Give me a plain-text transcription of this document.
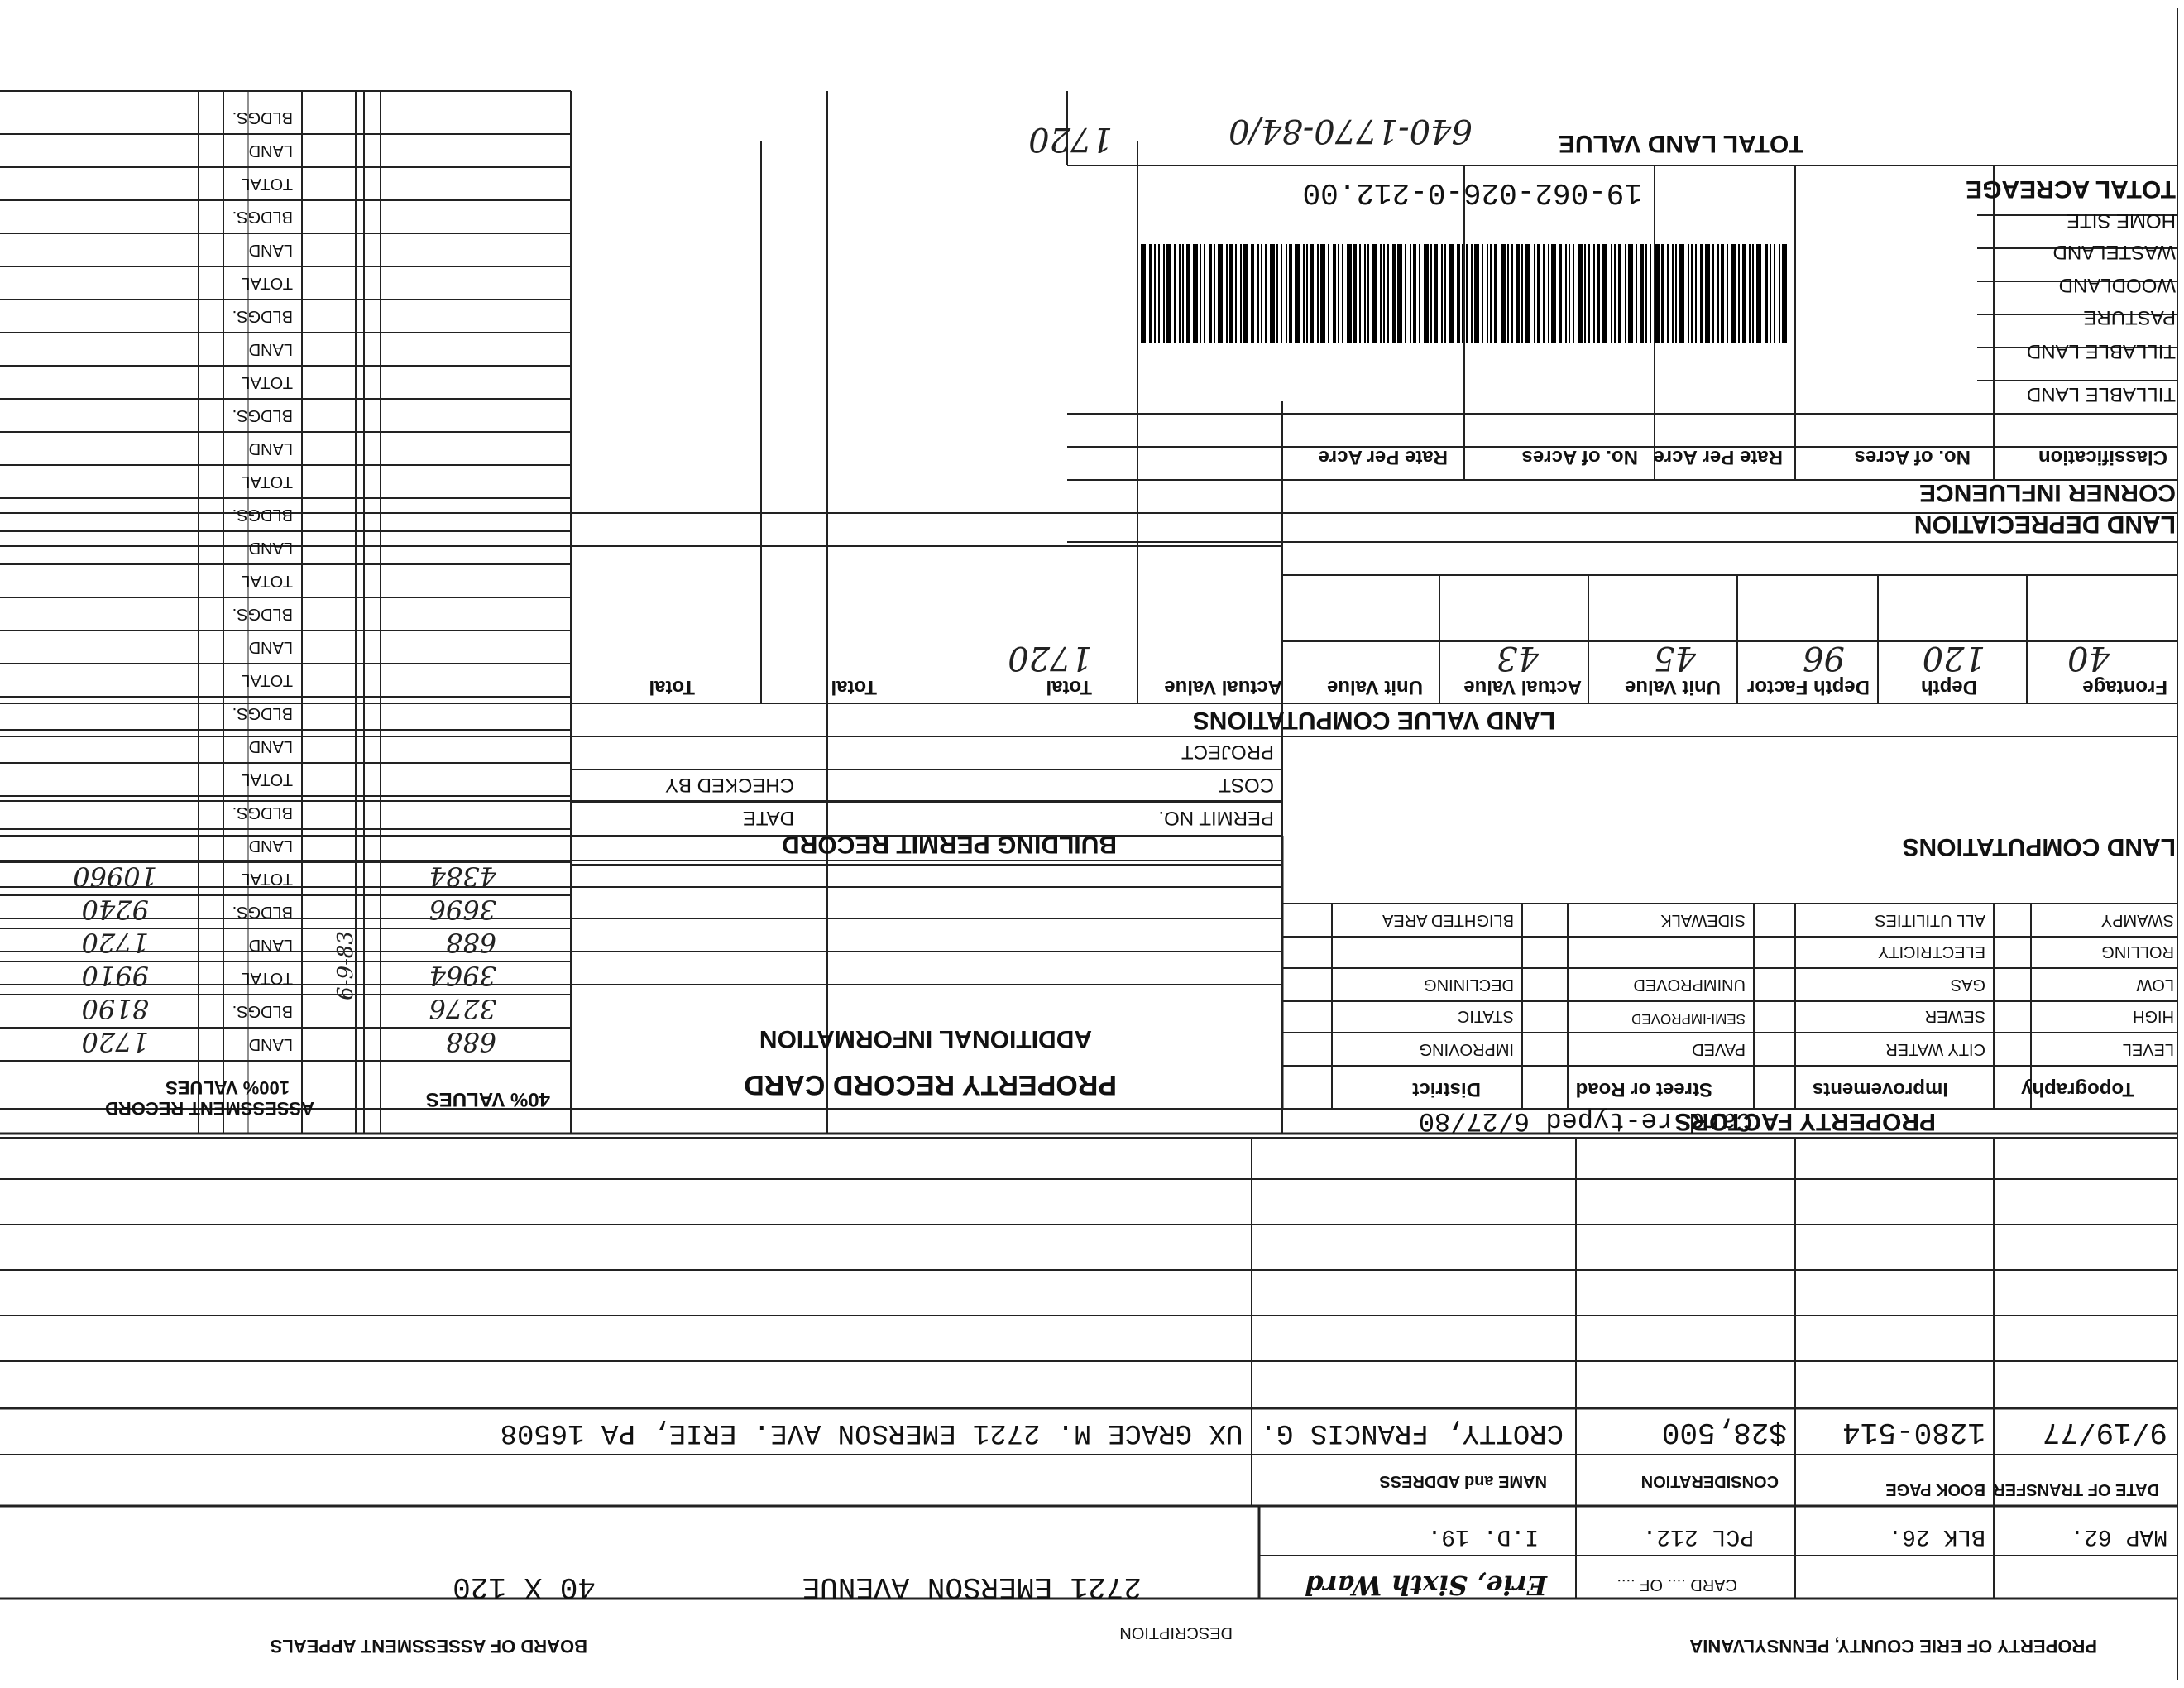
PROPERTY OF ERIE COUNTY, PENNSYLVANIA
BOARD OF ASSESSMENT APPEALS
640-1770-84/0	TOTAL LAND VALUE
1720
19-062-026-0-212.00	TOTAL ACREAGE
HOME SITE
WASTELAND
WOODLAND
PASTURE
TILLABLE LAND
TILLABLE LAND
Classification
No. of Acres
Rate Per Acre
No. of Acres
Rate Per Acre
CORNER INFLUENCE
LAND DEPRECIATION
LAND VALUE COMPUTATIONS
Frontage
Depth
Depth Factor
Unit Value
Actual Value
Unit Value
Actual Value
Total
Total
Total
40
120
96
45
43
1720
LAND COMPUTATIONS
BUILDING PERMIT RECORD
PERMIT NO.
DATE
COST
CHECKED BY
PROJECT
PROPERTY FACTORS
Card re-typed 6/27/80
Topography
Improvements
Street or Road
District
LEVEL
HIGH
LOW
ROLLING
SWAMPY
CITY WATER
SEWER
GAS
ELECTRICITY
ALL UTILITIES
PAVED
SEMI-IMPROVED
UNIMPROVED
SIDEWALK
IMPROVING
STATIC
DECLINING
BLIGHTED AREA
PROPERTY RECORD CARD
ADDITIONAL INFORMATION
40% VALUES
688
3276
3964
688
3696
4384
6-9-83
ASSESSMENT RECORD
100% VALUES
1720
8190
9910
1720
9240
10960
LAND
BLDGS.
TOTAL
LAND
BLDGS.
TOTAL
LAND
BLDGS.
TOTAL
LAND
BLDGS.
TOTAL
LAND
BLDGS.
TOTAL
LAND
BLDGS.
TOTAL
LAND
BLDGS.
TOTAL
LAND
BLDGS.
TOTAL
LAND
BLDGS.
TOTAL
LAND
BLDGS.
DATE OF TRANSFER
BOOK PAGE
CONSIDERATION
NAME and ADDRESS
9/19/77
1280-514
$28,500
CROTTY, FRANCIS G. UX GRACE M. 2721 EMERSON AVE. ERIE, PA 16508
MAP 62.
BLK 26.
PCL 212.
I.D. 19.
CARD .... OF ....
Erie, Sixth Ward
DESCRIPTION
2721 EMERSON AVENUE
40 X 120
